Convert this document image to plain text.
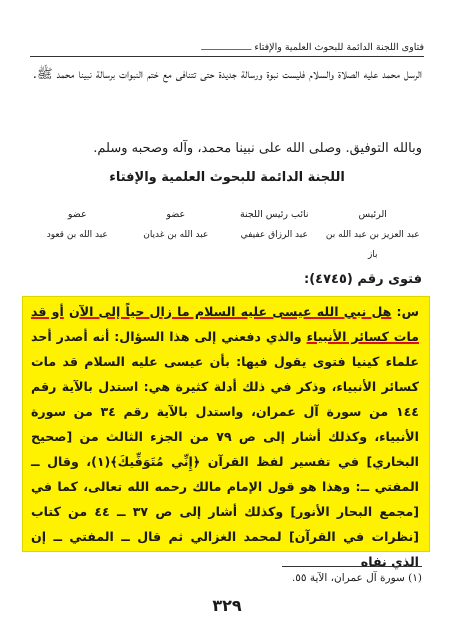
فتاوى اللجنة الدائمة للبحوث العلمية والإفتاء ــــــــــــــــــ
الرسل محمد عليه الصلاة والسلام فليست نبوة ورسالة جديدة حتى تتنافى مع ختم النبوات برسالة نبينا محمد ﷺ.
وبالله التوفيق. وصلى الله على نبينا محمد، وآله وصحبه وسلم.
اللجنة الدائمة للبحوث العلمية والإفتاء
الرئيس
عبد العزيز بن عبد الله بن باز
نائب رئيس اللجنة
عبد الرزاق عفيفي
عضو
عبد الله بن غديان
عضو
عبد الله بن قعود
فتوى رقم (٤٧٤٥):
س: هل نبي الله عيسى عليه السلام ما زال حياً إلى الآن أو قد مات كسائر الأنبياء والذي دفعني إلى هذا السؤال: أنه أصدر أحد علماء كينيا فتوى يقول فيها: بأن عيسى عليه السلام قد مات كسائر الأنبياء، وذكر في ذلك أدلة كثيرة هي: استدل بالآية رقم ١٤٤ من سورة آل عمران، واستدل بالآية رقم ٣٤ من سورة الأنبياء، وكذلك أشار إلى ص ٧٩ من الجزء الثالث من [صحيح البخاري] في تفسير لفظ القرآن ﴿إِنِّي مُتَوَفِّيكَ﴾(١)، وقال ــ المفتي ــ: وهذا هو قول الإمام مالك رحمه الله تعالى، كما في [مجمع البحار الأنور] وكذلك أشار إلى ص ٣٧ ــ ٤٤ من كتاب [نظرات في القرآن] لمحمد الغزالي ثم قال ــ المفتي ــ إن الذي نفاه
(١) سورة آل عمران، الآية ٥٥.
٣٢٩
